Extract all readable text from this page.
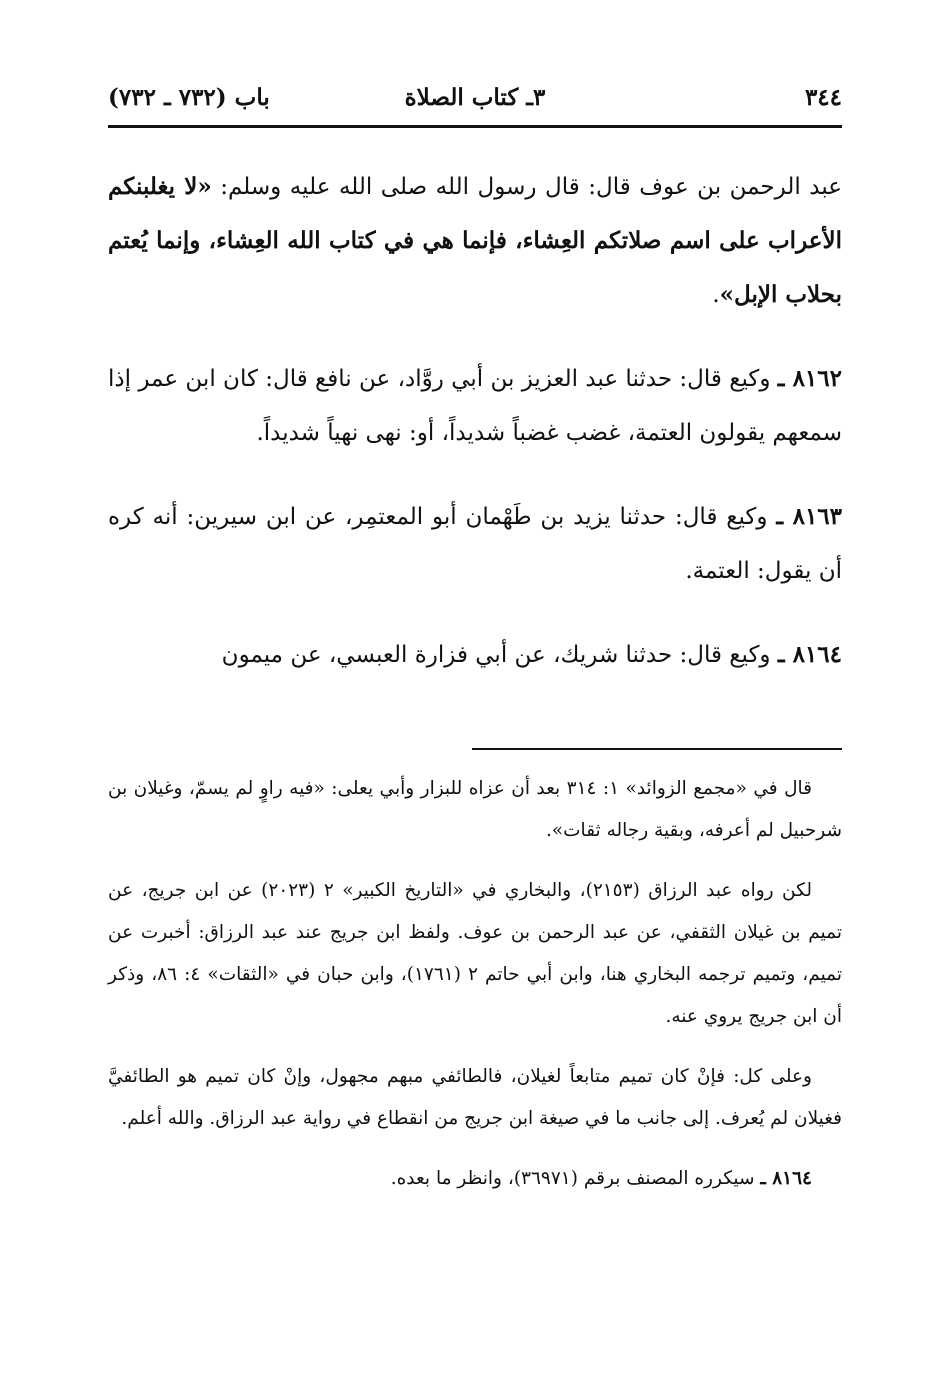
٣٤٤
٣ـ كتاب الصلاة
باب (٧٣٢ ـ ٧٣٢)

عبد الرحمن بن عوف قال: قال رسول الله صلى الله عليه وسلم: «لا يغلبنكم الأعراب على اسم صلاتكم العِشاء، فإنما هي في كتاب الله العِشاء، وإنما يُعتم بحلاب الإبل».

٨١٦٢ ـ وكيع قال: حدثنا عبد العزيز بن أبي روَّاد، عن نافع قال: كان ابن عمر إذا سمعهم يقولون العتمة، غضب غضباً شديداً، أو: نهى نهياً شديداً.

٨١٦٣ ـ وكيع قال: حدثنا يزيد بن طَهْمان أبو المعتمِر، عن ابن سيرين: أنه كره أن يقول: العتمة.

٨١٦٤ ـ وكيع قال: حدثنا شريك، عن أبي فزارة العبسي، عن ميمون

قال في «مجمع الزوائد» ١: ٣١٤ بعد أن عزاه للبزار وأبي يعلى: «فيه راوٍ لم يسمّ، وغيلان بن شرحبيل لم أعرفه، وبقية رجاله ثقات».

لكن رواه عبد الرزاق (٢١٥٣)، والبخاري في «التاريخ الكبير» ٢ (٢٠٢٣) عن ابن جريج، عن تميم بن غيلان الثقفي، عن عبد الرحمن بن عوف. ولفظ ابن جريج عند عبد الرزاق: أخبرت عن تميم، وتميم ترجمه البخاري هنا، وابن أبي حاتم ٢ (١٧٦١)، وابن حبان في «الثقات» ٤: ٨٦، وذكر أن ابن جريج يروي عنه.

وعلى كل: فإنْ كان تميم متابعاً لغيلان، فالطائفي مبهم مجهول، وإنْ كان تميم هو الطائفيَّ فغيلان لم يُعرف. إلى جانب ما في صيغة ابن جريج من انقطاع في رواية عبد الرزاق. والله أعلم.

٨١٦٤ ـ سيكرره المصنف برقم (٣٦٩٧١)، وانظر ما بعده.
